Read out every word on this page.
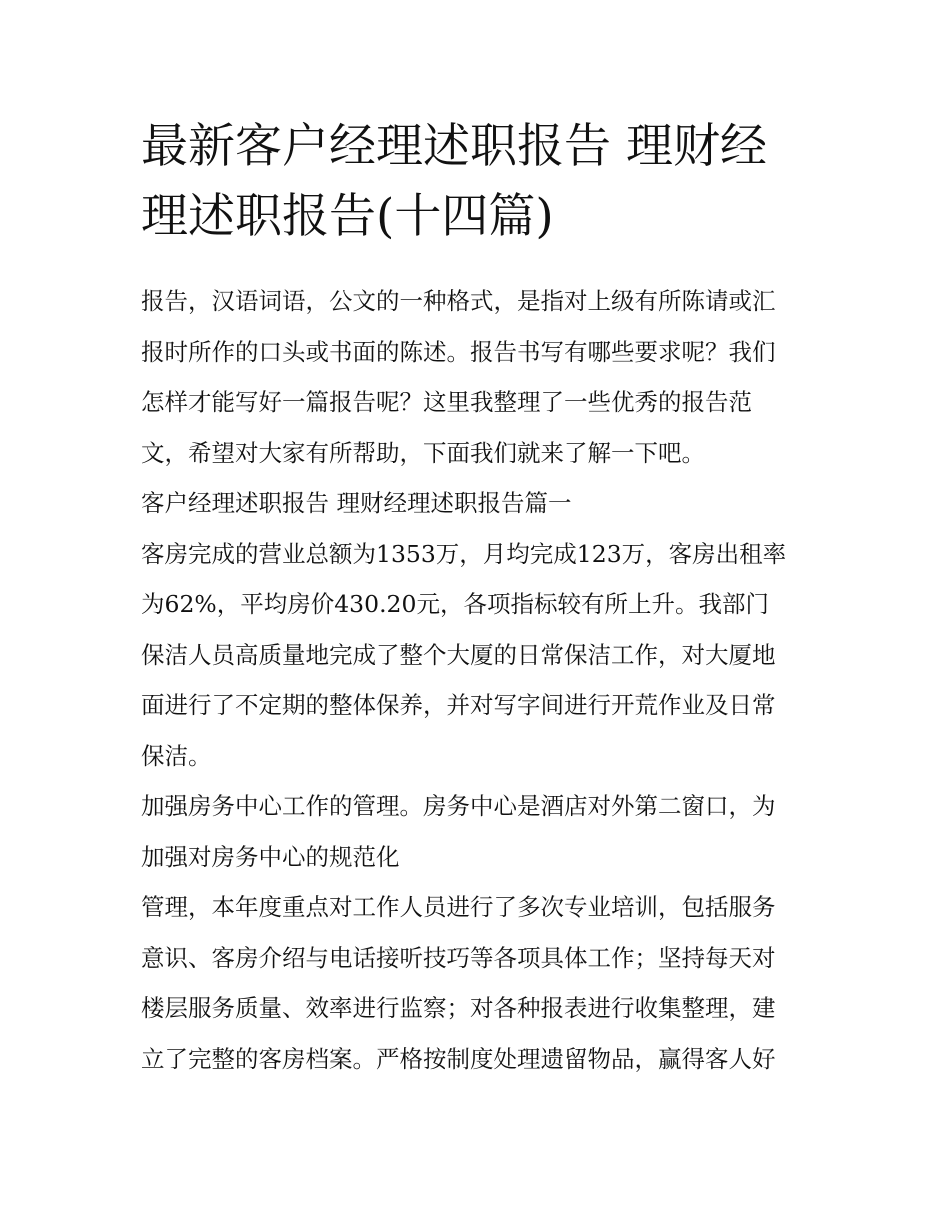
最新客户经理述职报告 理财经
理述职报告(十四篇)
报告，汉语词语，公文的一种格式，是指对上级有所陈请或汇
报时所作的口头或书面的陈述。报告书写有哪些要求呢？我们
怎样才能写好一篇报告呢？这里我整理了一些优秀的报告范
文，希望对大家有所帮助，下面我们就来了解一下吧。
客户经理述职报告 理财经理述职报告篇一
客房完成的营业总额为1353万，月均完成123万，客房出租率
为62%，平均房价430.20元，各项指标较有所上升。我部门
保洁人员高质量地完成了整个大厦的日常保洁工作，对大厦地
面进行了不定期的整体保养，并对写字间进行开荒作业及日常
保洁。
加强房务中心工作的管理。房务中心是酒店对外第二窗口，为
加强对房务中心的规范化
管理，本年度重点对工作人员进行了多次专业培训，包括服务
意识、客房介绍与电话接听技巧等各项具体工作；坚持每天对
楼层服务质量、效率进行监察；对各种报表进行收集整理，建
立了完整的客房档案。严格按制度处理遗留物品，赢得客人好
